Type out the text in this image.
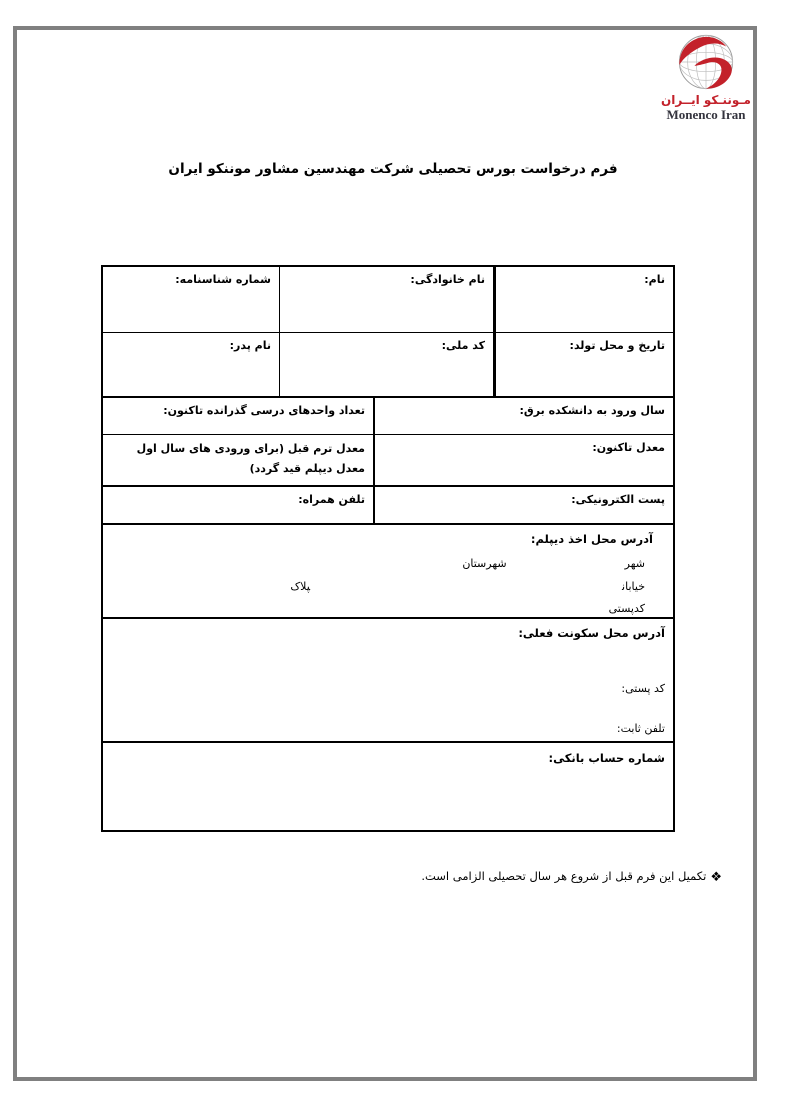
مـوننـکو ایــران
Monenco Iran
فرم درخواست بورس تحصیلی شرکت مهندسین مشاور موننکو ایران
نام:
نام خانوادگی:
شماره شناسنامه:
تاریخ و محل تولد:
کد ملی:
نام پدر:
سال ورود به دانشکده برق:
تعداد واحدهای درسی گذرانده تاکنون:
معدل تاکنون:
معدل ترم قبل (برای ورودی های سال اول معدل دیپلم قید گردد)
پست الکترونیکی:
تلفن همراه:
آدرس محل اخذ دیپلم:
شهرشهرستان
خیابانپلاک
کدپستی
آدرس محل سکونت فعلی:
کد پستی:
تلفن ثابت:
شماره حساب بانکی:
❖تکمیل این فرم قبل از شروع هر سال تحصیلی الزامی است.
